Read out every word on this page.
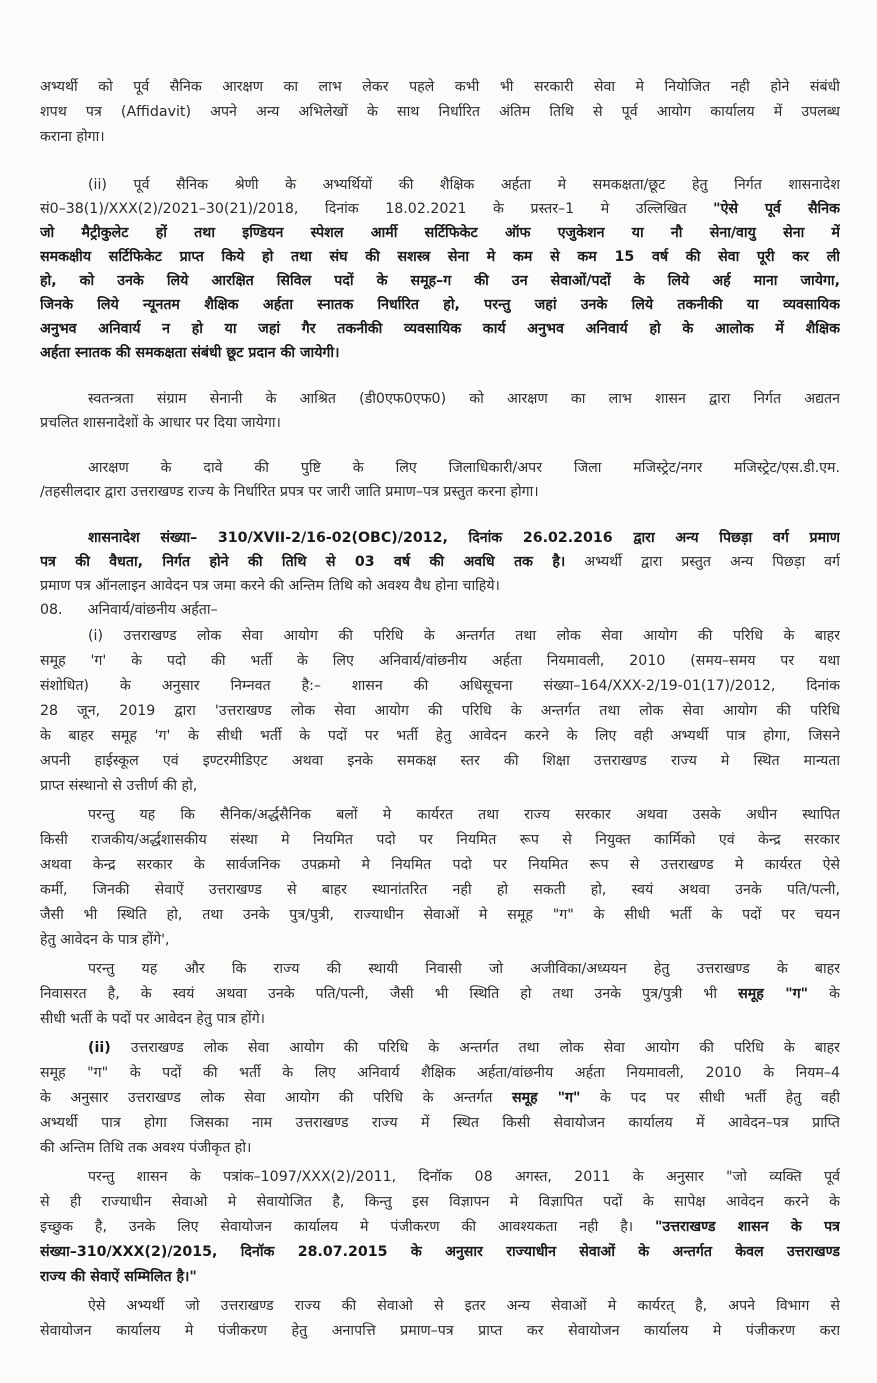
अभ्यर्थी को पूर्व सैनिक आरक्षण का लाभ लेकर पहले कभी भी सरकारी सेवा मे नियोजित नही होने संबंधी
शपथ पत्र (Affidavit) अपने अन्य अभिलेखों के साथ निर्धारित अंतिम तिथि से पूर्व आयोग कार्यालय में उपलब्ध
कराना होगा।
(ii) पूर्व सैनिक श्रेणी के अभ्यर्थियों की शैक्षिक अर्हता मे समकक्षता/छूट हेतु निर्गत शासनादेश
सं0–38(1)/XXX(2)/2021–30(21)/2018, दिनांक 18.02.2021 के प्रस्तर–1 मे उल्लिखित "ऐसे पूर्व सैनिक
जो मैट्रीकुलेट हों तथा इण्डियन स्पेशल आर्मी सर्टिफिकेट ऑफ एजुकेशन या नौ सेना/वायु सेना में
समकक्षीय सर्टिफिकेट प्राप्त किये हो तथा संघ की सशस्त्र सेना मे कम से कम 15 वर्ष की सेवा पूरी कर ली
हो, को उनके लिये आरक्षित सिविल पदों के समूह–ग की उन सेवाओं/पदों के लिये अर्ह माना जायेगा,
जिनके लिये न्यूनतम शैक्षिक अर्हता स्नातक निर्धारित हो, परन्तु जहां उनके लिये तकनीकी या व्यवसायिक
अनुभव अनिवार्य न हो या जहां गैर तकनीकी व्यवसायिक कार्य अनुभव अनिवार्य हो के आलोक में शैक्षिक
अर्हता स्नातक की समकक्षता संबंधी छूट प्रदान की जायेगी।
स्वतन्त्रता संग्राम सेनानी के आश्रित (डी0एफ0एफ0) को आरक्षण का लाभ शासन द्वारा निर्गत अद्यतन
प्रचलित शासनादेशों के आधार पर दिया जायेगा।
आरक्षण के दावे की पुष्टि के लिए जिलाधिकारी/अपर जिला मजिस्ट्रेट/नगर मजिस्ट्रेट/एस.डी.एम.
/तहसीलदार द्वारा उत्तराखण्ड राज्य के निर्धारित प्रपत्र पर जारी जाति प्रमाण–पत्र प्रस्तुत करना होगा।
शासनादेश संख्या– 310/XVII-2/16-02(OBC)/2012, दिनांक 26.02.2016 द्वारा अन्य पिछड़ा वर्ग प्रमाण
पत्र की वैधता, निर्गत होने की तिथि से 03 वर्ष की अवधि तक है। अभ्यर्थी द्वारा प्रस्तुत अन्य पिछड़ा वर्ग
प्रमाण पत्र ऑनलाइन आवेदन पत्र जमा करने की अन्तिम तिथि को अवश्य वैध होना चाहिये।
08. अनिवार्य/वांछनीय अर्हता–
(i) उत्तराखण्ड लोक सेवा आयोग की परिधि के अन्तर्गत तथा लोक सेवा आयोग की परिधि के बाहर
समूह 'ग' के पदो की भर्ती के लिए अनिवार्य/वांछनीय अर्हता नियमावली, 2010 (समय–समय पर यथा
संशोधित) के अनुसार निम्नवत है:– शासन की अधिसूचना संख्या–164/XXX-2/19-01(17)/2012, दिनांक
28 जून, 2019 द्वारा 'उत्तराखण्ड लोक सेवा आयोग की परिधि के अन्तर्गत तथा लोक सेवा आयोग की परिधि
के बाहर समूह 'ग' के सीधी भर्ती के पदों पर भर्ती हेतु आवेदन करने के लिए वही अभ्यर्थी पात्र होगा, जिसने
अपनी हाईस्कूल एवं इण्टरमीडिएट अथवा इनके समकक्ष स्तर की शिक्षा उत्तराखण्ड राज्य मे स्थित मान्यता
प्राप्त संस्थानो से उत्तीर्ण की हो,
परन्तु यह कि सैनिक/अर्द्धसैनिक बलों मे कार्यरत तथा राज्य सरकार अथवा उसके अधीन स्थापित
किसी राजकीय/अर्द्धशासकीय संस्था मे नियमित पदो पर नियमित रूप से नियुक्त कार्मिको एवं केन्द्र सरकार
अथवा केन्द्र सरकार के सार्वजनिक उपक्रमो मे नियमित पदो पर नियमित रूप से उत्तराखण्ड मे कार्यरत ऐसे
कर्मी, जिनकी सेवाऐं उत्तराखण्ड से बाहर स्थानांतरित नही हो सकती हो, स्वयं अथवा उनके पति/पत्नी,
जैसी भी स्थिति हो, तथा उनके पुत्र/पुत्री, राज्याधीन सेवाओं मे समूह "ग" के सीधी भर्ती के पदों पर चयन
हेतु आवेदन के पात्र होंगे',
परन्तु यह और कि राज्य की स्थायी निवासी जो अजीविका/अध्ययन हेतु उत्तराखण्ड के बाहर
निवासरत है, के स्वयं अथवा उनके पति/पत्नी, जैसी भी स्थिति हो तथा उनके पुत्र/पुत्री भी समूह "ग" के
सीधी भर्ती के पदों पर आवेदन हेतु पात्र होंगे।
(ii) उत्तराखण्ड लोक सेवा आयोग की परिधि के अन्तर्गत तथा लोक सेवा आयोग की परिधि के बाहर
समूह "ग" के पदों की भर्ती के लिए अनिवार्य शैक्षिक अर्हता/वांछनीय अर्हता नियमावली, 2010 के नियम–4
के अनुसार उत्तराखण्ड लोक सेवा आयोग की परिधि के अन्तर्गत समूह "ग" के पद पर सीधी भर्ती हेतु वही
अभ्यर्थी पात्र होगा जिसका नाम उत्तराखण्ड राज्य में स्थित किसी सेवायोजन कार्यालय में आवेदन–पत्र प्राप्ति
की अन्तिम तिथि तक अवश्य पंजीकृत हो।
परन्तु शासन के पत्रांक–1097/XXX(2)/2011, दिनॉक 08 अगस्त, 2011 के अनुसार "जो व्यक्ति पूर्व
से ही राज्याधीन सेवाओ मे सेवायोजित है, किन्तु इस विज्ञापन मे विज्ञापित पदों के सापेक्ष आवेदन करने के
इच्छुक है, उनके लिए सेवायोजन कार्यालय मे पंजीकरण की आवश्यकता नही है। "उत्तराखण्ड शासन के पत्र
संख्या–310/XXX(2)/2015, दिनॉक 28.07.2015 के अनुसार राज्याधीन सेवाओं के अन्तर्गत केवल उत्तराखण्ड
राज्य की सेवाऐं सम्मिलित है।"
ऐसे अभ्यर्थी जो उत्तराखण्ड राज्य की सेवाओ से इतर अन्य सेवाओं मे कार्यरत् है, अपने विभाग से
सेवायोजन कार्यालय मे पंजीकरण हेतु अनापत्ति प्रमाण–पत्र प्राप्त कर सेवायोजन कार्यालय मे पंजीकरण करा
